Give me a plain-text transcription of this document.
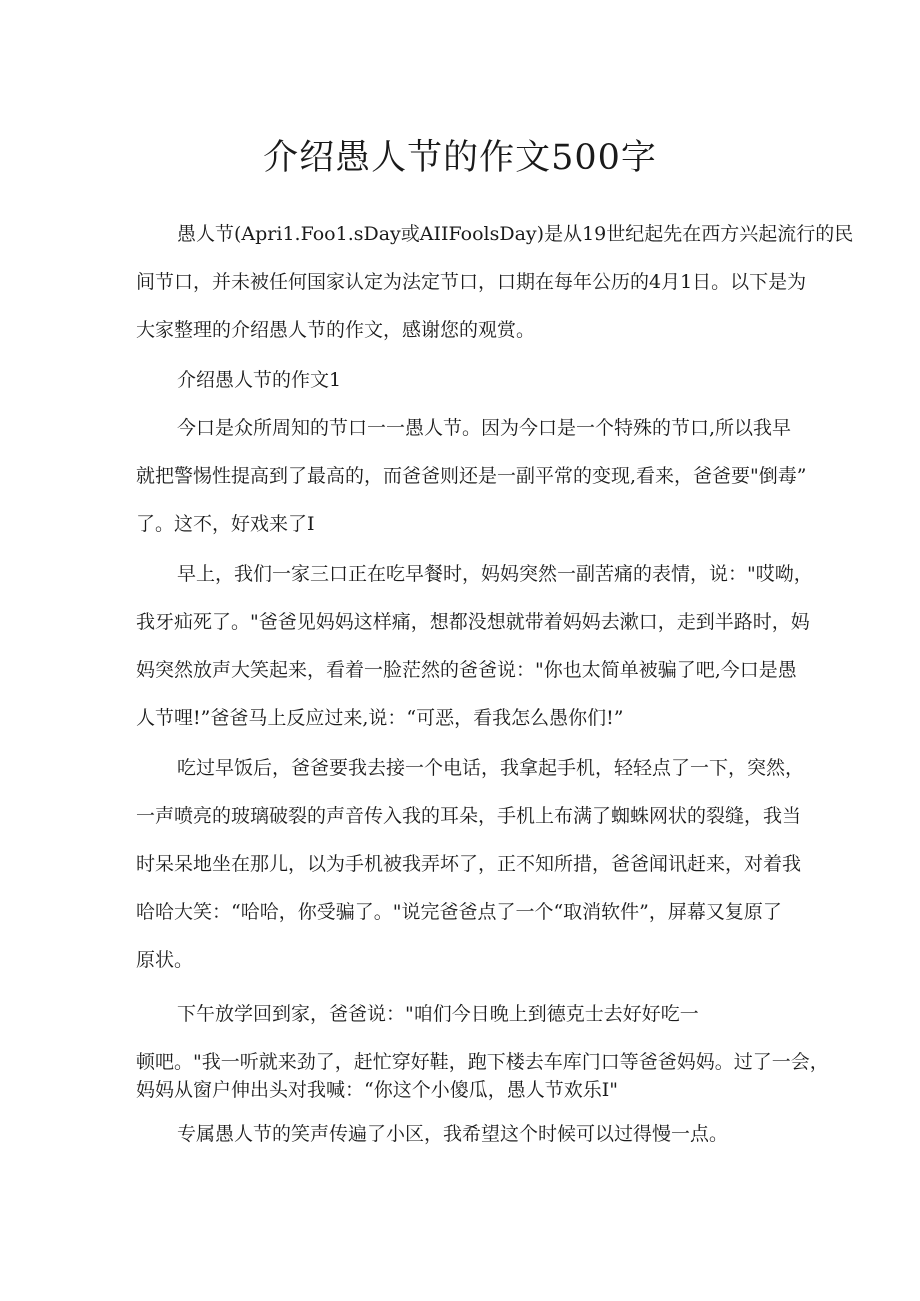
介绍愚人节的作文500字

愚人节(Apri1.Foo1.sDay或AIIFoolsDay)是从19世纪起先在西方兴起流行的民

间节口，并未被任何国家认定为法定节口，口期在每年公历的4月1日。以下是为

大家整理的介绍愚人节的作文，感谢您的观赏。

介绍愚人节的作文1

今口是众所周知的节口一一愚人节。因为今口是一个特殊的节口,所以我早

就把警惕性提高到了最高的，而爸爸则还是一副平常的变现,看来，爸爸要"倒毒”

了。这不，好戏来了I

早上，我们一家三口正在吃早餐时，妈妈突然一副苦痛的表情，说："哎呦，

我牙疝死了。"爸爸见妈妈这样痛，想都没想就带着妈妈去漱口，走到半路时，妈

妈突然放声大笑起来，看着一脸茫然的爸爸说："你也太简单被骗了吧,今口是愚

人节哩!”爸爸马上反应过来,说：“可恶，看我怎么愚你们!”

吃过早饭后，爸爸要我去接一个电话，我拿起手机，轻轻点了一下，突然，

一声喷亮的玻璃破裂的声音传入我的耳朵，手机上布满了蜘蛛网状的裂缝，我当

时呆呆地坐在那儿，以为手机被我弄坏了，正不知所措，爸爸闻讯赶来，对着我

哈哈大笑：“哈哈，你受骗了。"说完爸爸点了一个“取消软件”，屏幕又复原了

原状。

下午放学回到家，爸爸说："咱们今日晚上到德克士去好好吃一

顿吧。"我一听就来劲了，赶忙穿好鞋，跑下楼去车库门口等爸爸妈妈。过了一会，

妈妈从窗户伸出头对我喊：“你这个小傻瓜，愚人节欢乐I"

专属愚人节的笑声传遍了小区，我希望这个时候可以过得慢一点。
